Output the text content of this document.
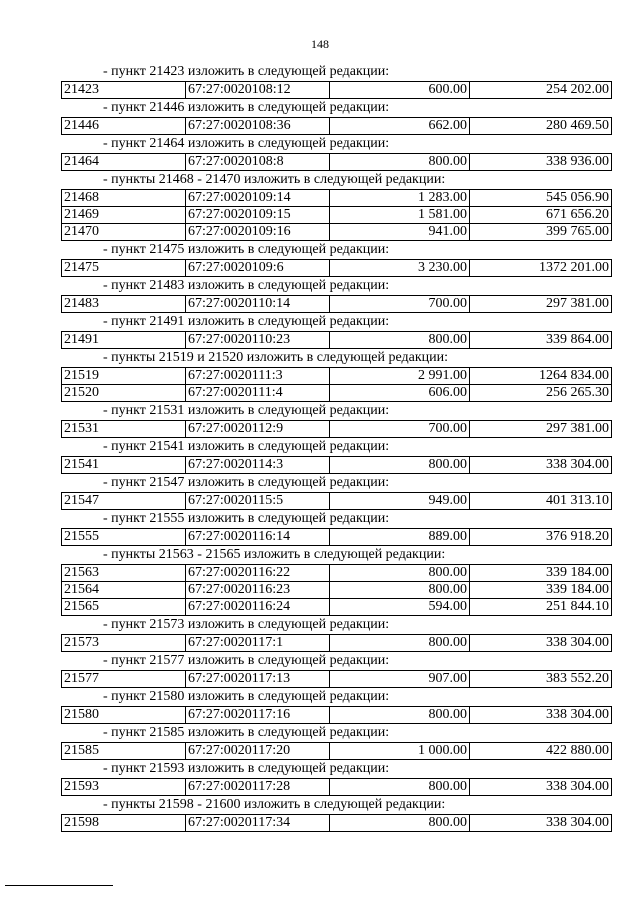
148
- пункт 21423 изложить в следующей редакции:
21423	67:27:0020108:12	600.00	254 202.00
- пункт 21446 изложить в следующей редакции:
21446	67:27:0020108:36	662.00	280 469.50
- пункт 21464 изложить в следующей редакции:
21464	67:27:0020108:8	800.00	338 936.00
- пункты 21468 - 21470 изложить в следующей редакции:
21468	67:27:0020109:14	1 283.00	545 056.90
21469	67:27:0020109:15	1 581.00	671 656.20
21470	67:27:0020109:16	941.00	399 765.00
- пункт 21475 изложить в следующей редакции:
21475	67:27:0020109:6	3 230.00	1372 201.00
- пункт 21483 изложить в следующей редакции:
21483	67:27:0020110:14	700.00	297 381.00
- пункт 21491 изложить в следующей редакции:
21491	67:27:0020110:23	800.00	339 864.00
- пункты 21519 и 21520 изложить в следующей редакции:
21519	67:27:0020111:3	2 991.00	1264 834.00
21520	67:27:0020111:4	606.00	256 265.30
- пункт 21531 изложить в следующей редакции:
21531	67:27:0020112:9	700.00	297 381.00
- пункт 21541 изложить в следующей редакции:
21541	67:27:0020114:3	800.00	338 304.00
- пункт 21547 изложить в следующей редакции:
21547	67:27:0020115:5	949.00	401 313.10
- пункт 21555 изложить в следующей редакции:
21555	67:27:0020116:14	889.00	376 918.20
- пункты 21563 - 21565 изложить в следующей редакции:
21563	67:27:0020116:22	800.00	339 184.00
21564	67:27:0020116:23	800.00	339 184.00
21565	67:27:0020116:24	594.00	251 844.10
- пункт 21573 изложить в следующей редакции:
21573	67:27:0020117:1	800.00	338 304.00
- пункт 21577 изложить в следующей редакции:
21577	67:27:0020117:13	907.00	383 552.20
- пункт 21580 изложить в следующей редакции:
21580	67:27:0020117:16	800.00	338 304.00
- пункт 21585 изложить в следующей редакции:
21585	67:27:0020117:20	1 000.00	422 880.00
- пункт 21593 изложить в следующей редакции:
21593	67:27:0020117:28	800.00	338 304.00
- пункты 21598 - 21600 изложить в следующей редакции:
21598	67:27:0020117:34	800.00	338 304.00
